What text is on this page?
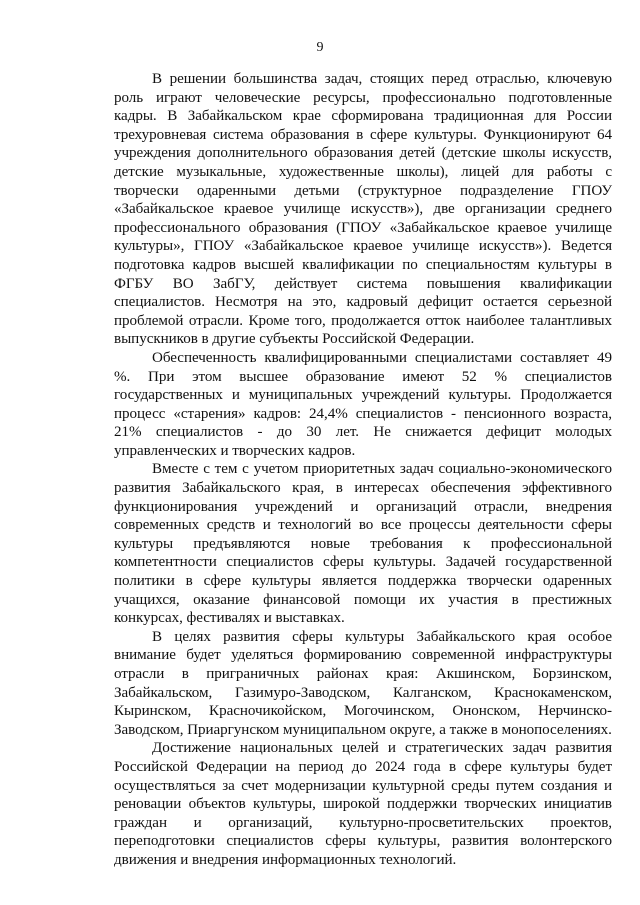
9

В решении большинства задач, стоящих перед отраслью, ключевую роль играют человеческие ресурсы, профессионально подготовленные кадры. В Забайкальском крае сформирована традиционная для России трехуровневая система образования в сфере культуры. Функционируют 64 учреждения дополнительного образования детей (детские школы искусств, детские музыкальные, художественные школы), лицей для работы с творчески одаренными детьми (структурное подразделение ГПОУ «Забайкальское краевое училище искусств»), две организации среднего профессионального образования (ГПОУ «Забайкальское краевое училище культуры», ГПОУ «Забайкальское краевое училище искусств»). Ведется подготовка кадров высшей квалификации по специальностям культуры в ФГБУ ВО ЗабГУ, действует система повышения квалификации специалистов. Несмотря на это, кадровый дефицит остается серьезной проблемой отрасли. Кроме того, продолжается отток наиболее талантливых выпускников в другие субъекты Российской Федерации.

Обеспеченность квалифицированными специалистами составляет 49 %. При этом высшее образование имеют 52 % специалистов государственных и муниципальных учреждений культуры. Продолжается процесс «старения» кадров: 24,4% специалистов - пенсионного возраста, 21% специалистов - до 30 лет. Не снижается дефицит молодых управленческих и творческих кадров.

Вместе с тем с учетом приоритетных задач социально-экономического развития Забайкальского края, в интересах обеспечения эффективного функционирования учреждений и организаций отрасли, внедрения современных средств и технологий во все процессы деятельности сферы культуры предъявляются новые требования к профессиональной компетентности специалистов сферы культуры. Задачей государственной политики в сфере культуры является поддержка творчески одаренных учащихся, оказание финансовой помощи их участия в престижных конкурсах, фестивалях и выставках.

В целях развития сферы культуры Забайкальского края особое внимание будет уделяться формированию современной инфраструктуры отрасли в приграничных районах края: Акшинском, Борзинском, Забайкальском, Газимуро-Заводском, Калганском, Краснокаменском, Кыринском, Красночикойском, Могочинском, Ононском, Нерчинско-Заводском, Приаргунском муниципальном округе, а также в монопоселениях.

Достижение национальных целей и стратегических задач развития Российской Федерации на период до 2024 года в сфере культуры будет осуществляться за счет модернизации культурной среды путем создания и реновации объектов культуры, широкой поддержки творческих инициатив граждан и организаций, культурно-просветительских проектов, переподготовки специалистов сферы культуры, развития волонтерского движения и внедрения информационных технологий.
